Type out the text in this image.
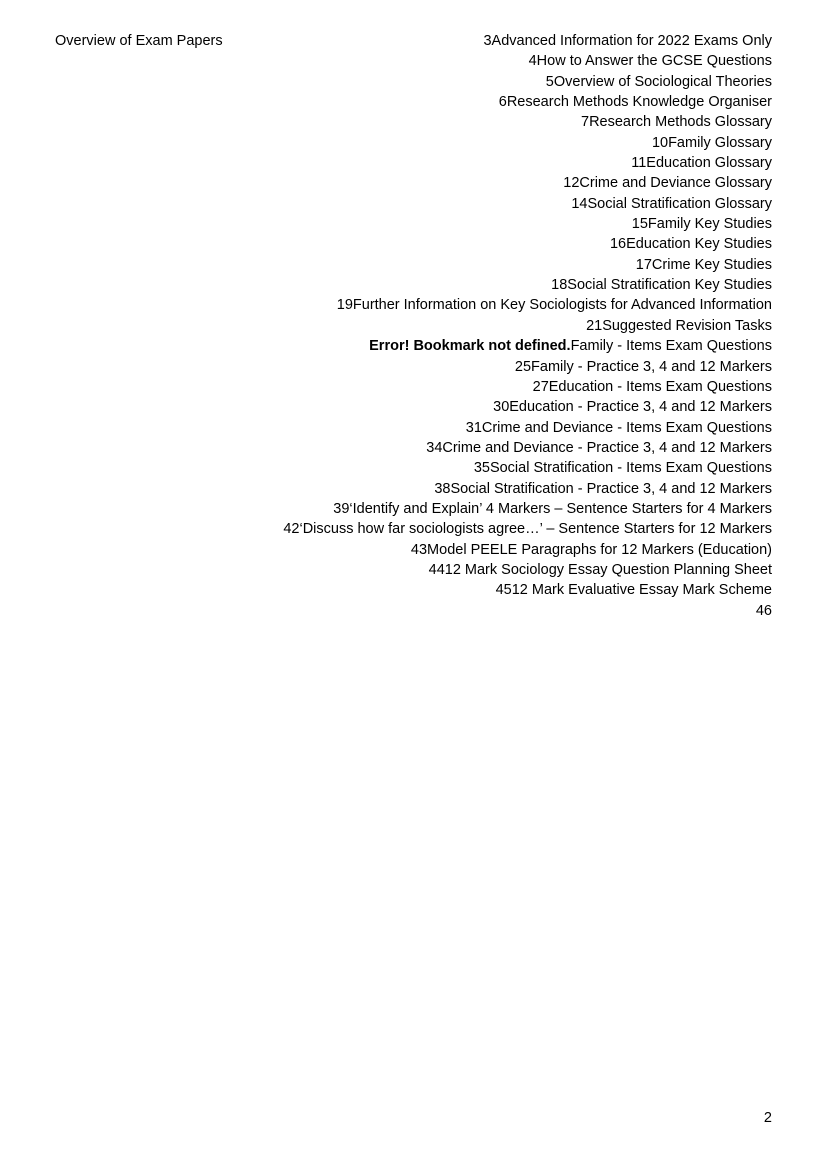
Overview of Exam Papers	3Advanced Information for 2022 Exams Only
4How to Answer the GCSE Questions
5Overview of Sociological Theories
6Research Methods Knowledge Organiser
7Research Methods Glossary
10Family Glossary
11Education Glossary
12Crime and Deviance Glossary
14Social Stratification Glossary
15Family Key Studies
16Education Key Studies
17Crime Key Studies
18Social Stratification Key Studies
19Further Information on Key Sociologists for Advanced Information
21Suggested Revision Tasks
Error! Bookmark not defined.Family - Items Exam Questions
25Family - Practice 3, 4 and 12 Markers
27Education - Items Exam Questions
30Education - Practice 3, 4 and 12 Markers
31Crime and Deviance - Items Exam Questions
34Crime and Deviance - Practice 3, 4 and 12 Markers
35Social Stratification - Items Exam Questions
38Social Stratification - Practice 3, 4 and 12 Markers
39‘Identify and Explain’ 4 Markers – Sentence Starters for 4 Markers
42‘Discuss how far sociologists agree…’ – Sentence Starters for 12 Markers
43Model PEELE Paragraphs for 12 Markers (Education)
4412 Mark Sociology Essay Question Planning Sheet
4512 Mark Evaluative Essay Mark Scheme
46
2
